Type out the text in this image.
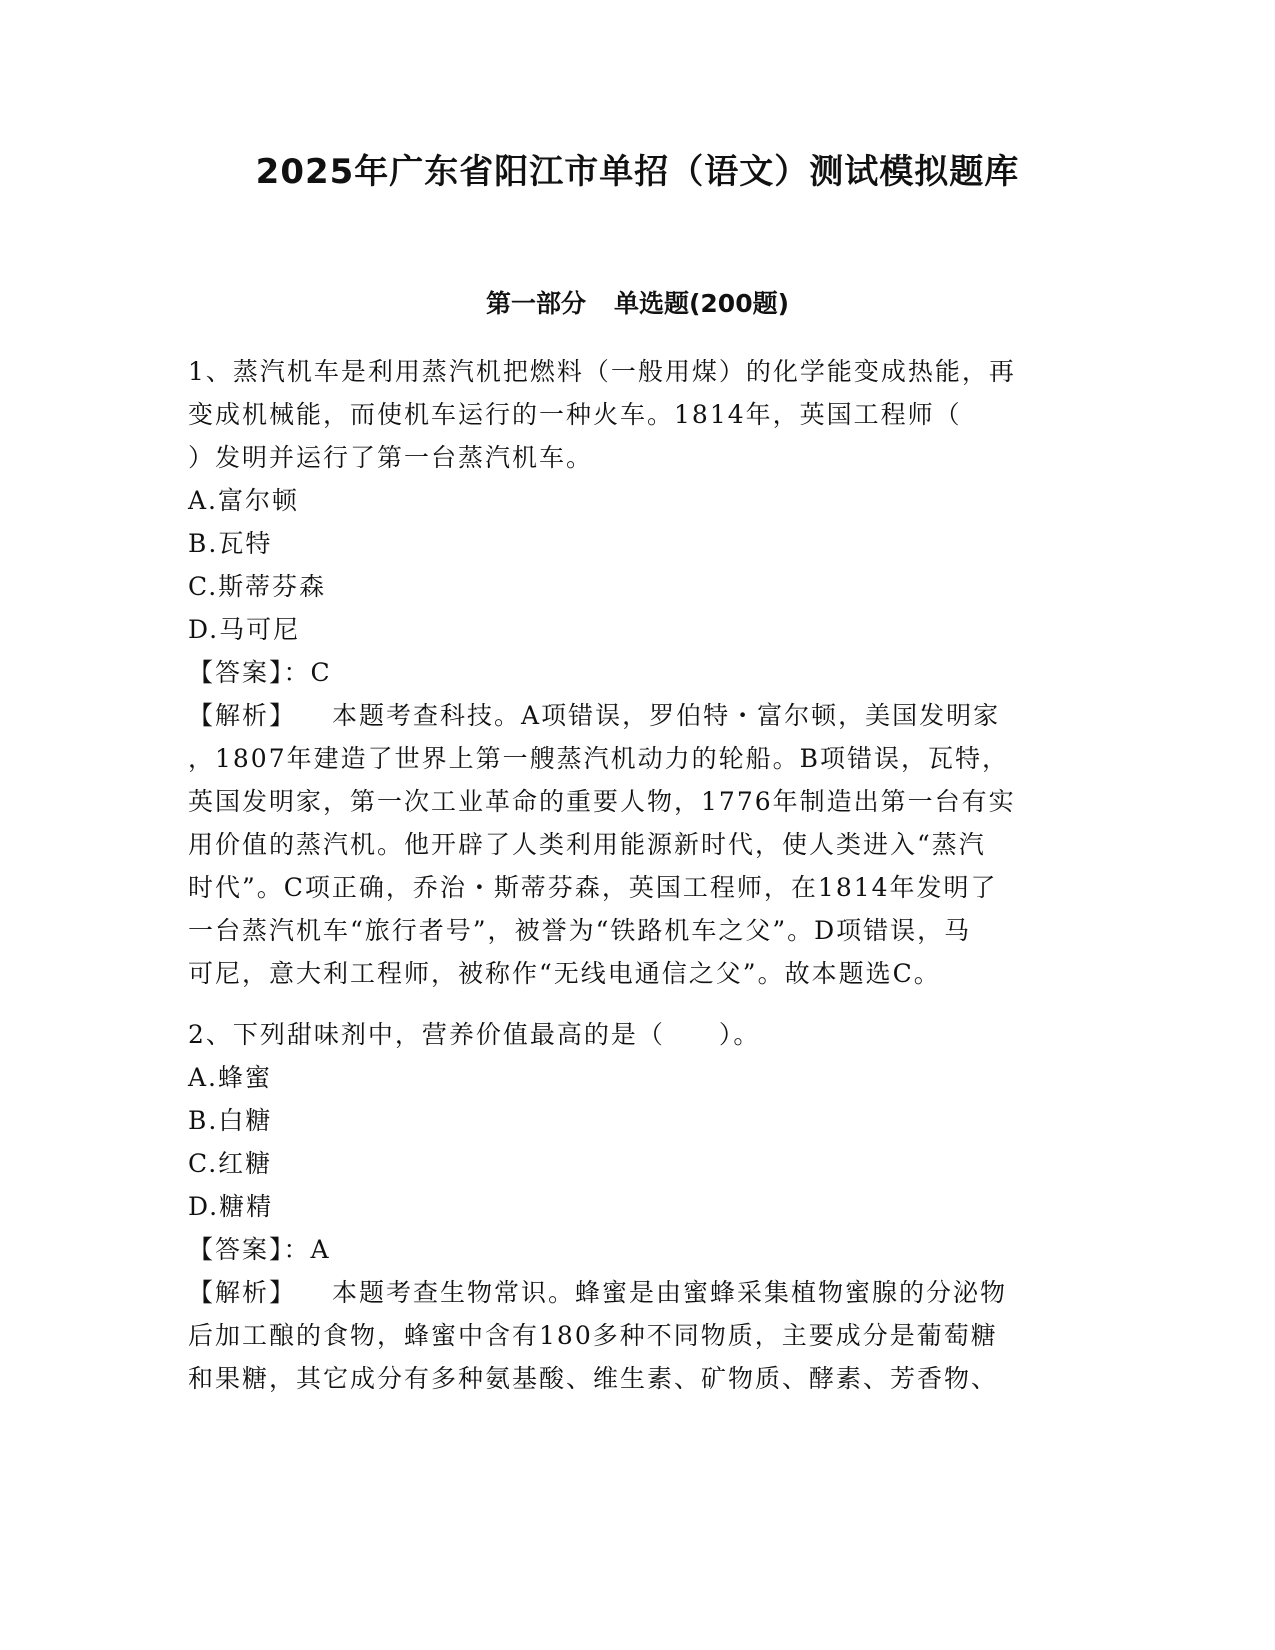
2025年广东省阳江市单招（语文）测试模拟题库
第一部分 单选题(200题)
1、蒸汽机车是利用蒸汽机把燃料（一般用煤）的化学能变成热能，再
变成机械能，而使机车运行的一种火车。1814年，英国工程师（
）发明并运行了第一台蒸汽机车。
A.富尔顿
B.瓦特
C.斯蒂芬森
D.马可尼
【答案】：C
【解析】 本题考查科技。A项错误，罗伯特・富尔顿，美国发明家
，1807年建造了世界上第一艘蒸汽机动力的轮船。B项错误，瓦特，
英国发明家，第一次工业革命的重要人物，1776年制造出第一台有实
用价值的蒸汽机。他开辟了人类利用能源新时代，使人类进入“蒸汽
时代”。C项正确，乔治・斯蒂芬森，英国工程师，在1814年发明了
一台蒸汽机车“旅行者号”，被誉为“铁路机车之父”。D项错误，马
可尼，意大利工程师，被称作“无线电通信之父”。故本题选C。
2、下列甜味剂中，营养价值最高的是（　　）。
A.蜂蜜
B.白糖
C.红糖
D.糖精
【答案】：A
【解析】 本题考查生物常识。蜂蜜是由蜜蜂采集植物蜜腺的分泌物
后加工酿的食物，蜂蜜中含有180多种不同物质，主要成分是葡萄糖
和果糖，其它成分有多种氨基酸、维生素、矿物质、酵素、芳香物、
